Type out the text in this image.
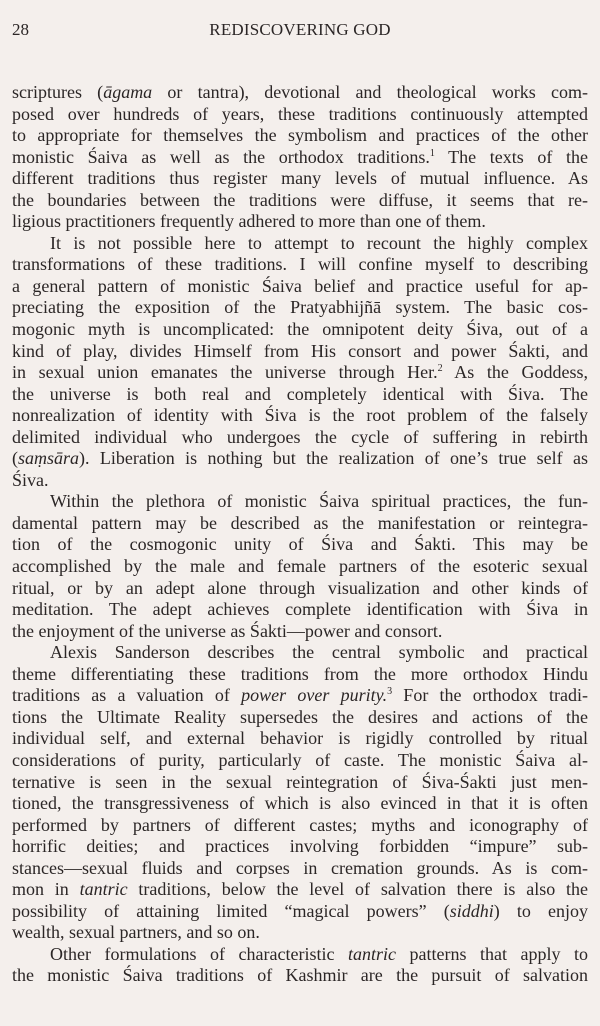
28	REDISCOVERING GOD
scriptures (āgama or tantra), devotional and theological works com-
posed over hundreds of years, these traditions continuously attempted
to appropriate for themselves the symbolism and practices of the other
monistic Śaiva as well as the orthodox traditions.$^1$ The texts of the
different traditions thus register many levels of mutual influence. As
the boundaries between the traditions were diffuse, it seems that re-
ligious practitioners frequently adhered to more than one of them.
It is not possible here to attempt to recount the highly complex
transformations of these traditions. I will confine myself to describing
a general pattern of monistic Śaiva belief and practice useful for ap-
preciating the exposition of the Pratyabhijñā system. The basic cos-
mogonic myth is uncomplicated: the omnipotent deity Śiva, out of a
kind of play, divides Himself from His consort and power Śakti, and
in sexual union emanates the universe through Her.$^2$ As the Goddess,
the universe is both real and completely identical with Śiva. The
nonrealization of identity with Śiva is the root problem of the falsely
delimited individual who undergoes the cycle of suffering in rebirth
(saṃsāra). Liberation is nothing but the realization of one’s true self as
Śiva.
Within the plethora of monistic Śaiva spiritual practices, the fun-
damental pattern may be described as the manifestation or reintegra-
tion of the cosmogonic unity of Śiva and Śakti. This may be
accomplished by the male and female partners of the esoteric sexual
ritual, or by an adept alone through visualization and other kinds of
meditation. The adept achieves complete identification with Śiva in
the enjoyment of the universe as Śakti—power and consort.
Alexis Sanderson describes the central symbolic and practical
theme differentiating these traditions from the more orthodox Hindu
traditions as a valuation of power over purity.$^3$ For the orthodox tradi-
tions the Ultimate Reality supersedes the desires and actions of the
individual self, and external behavior is rigidly controlled by ritual
considerations of purity, particularly of caste. The monistic Śaiva al-
ternative is seen in the sexual reintegration of Śiva-Śakti just men-
tioned, the transgressiveness of which is also evinced in that it is often
performed by partners of different castes; myths and iconography of
horrific deities; and practices involving forbidden “impure” sub-
stances—sexual fluids and corpses in cremation grounds. As is com-
mon in tantric traditions, below the level of salvation there is also the
possibility of attaining limited “magical powers” (siddhi) to enjoy
wealth, sexual partners, and so on.
Other formulations of characteristic tantric patterns that apply to
the monistic Śaiva traditions of Kashmir are the pursuit of salvation
